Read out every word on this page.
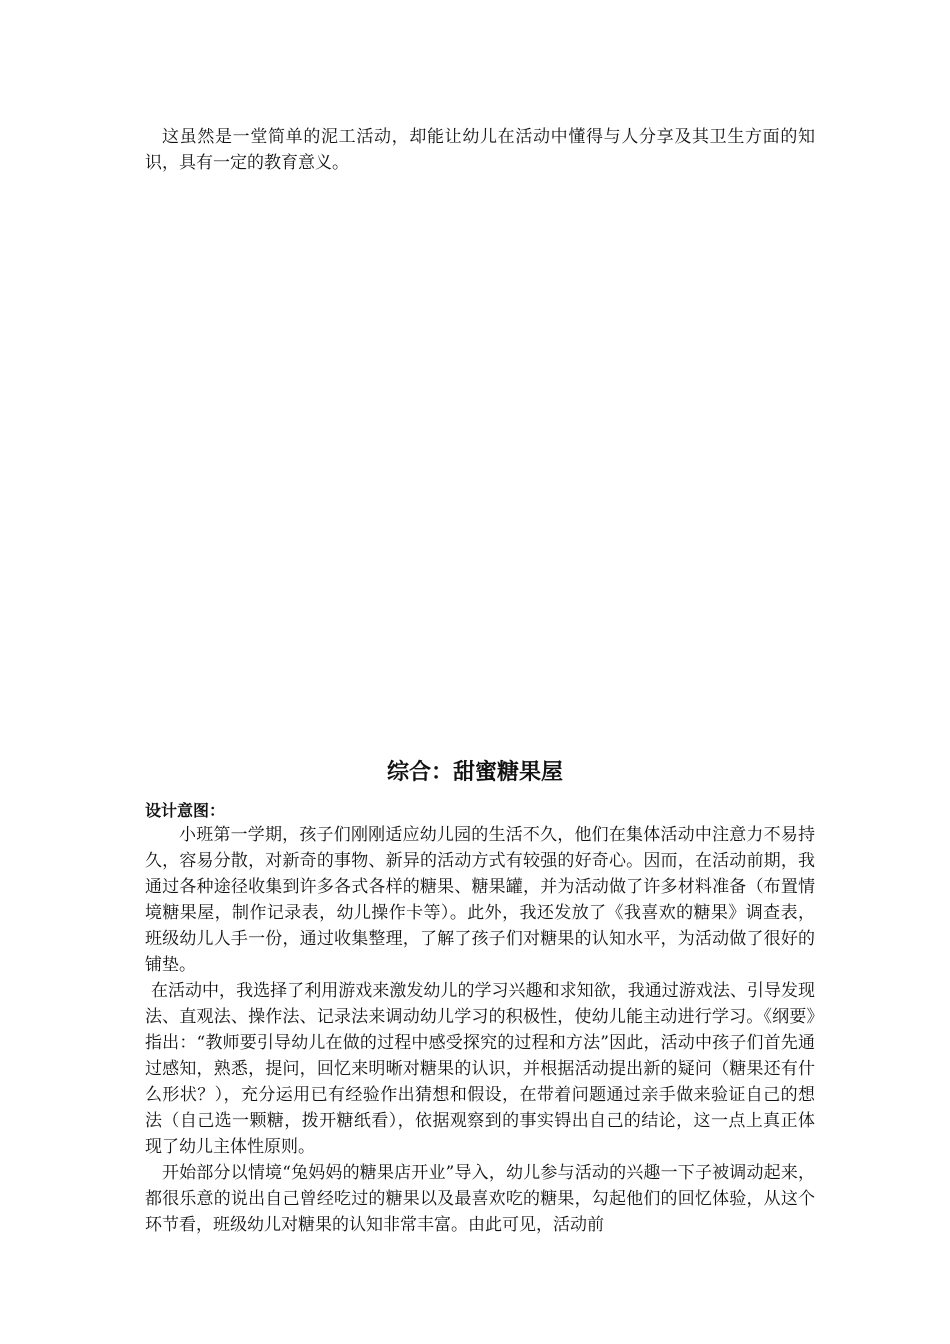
这虽然是一堂简单的泥工活动，却能让幼儿在活动中懂得与人分享及其卫生方面的知识，具有一定的教育意义。

综合：甜蜜糖果屋
设计意图：

小班第一学期，孩子们刚刚适应幼儿园的生活不久，他们在集体活动中注意力不易持久，容易分散，对新奇的事物、新异的活动方式有较强的好奇心。因而，在活动前期，我通过各种途径收集到许多各式各样的糖果、糖果罐，并为活动做了许多材料准备（布置情境糖果屋，制作记录表，幼儿操作卡等）。此外，我还发放了《我喜欢的糖果》调查表，班级幼儿人手一份，通过收集整理，了解了孩子们对糖果的认知水平，为活动做了很好的铺垫。

在活动中，我选择了利用游戏来激发幼儿的学习兴趣和求知欲，我通过游戏法、引导发现法、直观法、操作法、记录法来调动幼儿学习的积极性，使幼儿能主动进行学习。《纲要》指出：“教师要引导幼儿在做的过程中感受探究的过程和方法”因此，活动中孩子们首先通过感知，熟悉，提问，回忆来明晰对糖果的认识，并根据活动提出新的疑问（糖果还有什么形状？），充分运用已有经验作出猜想和假设，在带着问题通过亲手做来验证自己的想法（自己选一颗糖，拨开糖纸看），依据观察到的事实锝出自己的结论，这一点上真正体现了幼儿主体性原则。

开始部分以情境“兔妈妈的糖果店开业”导入，幼儿参与活动的兴趣一下子被调动起来，都很乐意的说出自己曾经吃过的糖果以及最喜欢吃的糖果，勾起他们的回忆体验，从这个环节看，班级幼儿对糖果的认知非常丰富。由此可见，活动前
